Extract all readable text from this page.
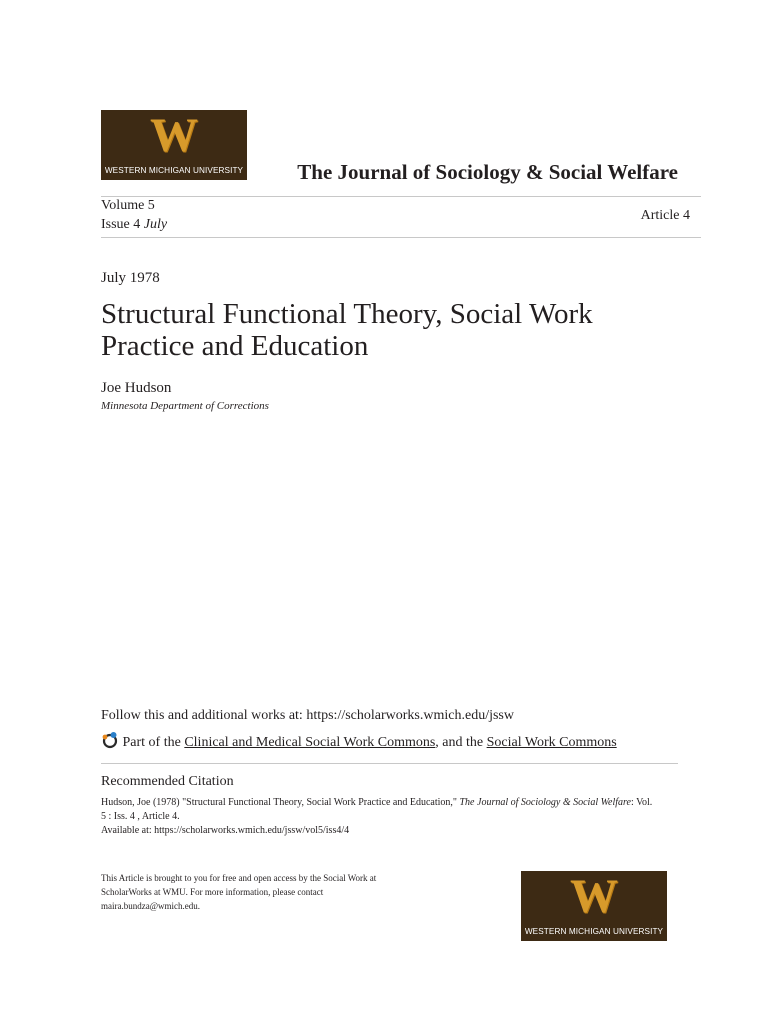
W
WESTERN MICHIGAN UNIVERSITY	The Journal of Sociology & Social Welfare
Volume 5
Issue 4 July
Article 4
July 1978
Structural Functional Theory, Social Work Practice and Education
Joe Hudson
Minnesota Department of Corrections
Follow this and additional works at: https://scholarworks.wmich.edu/jssw
Part of the Clinical and Medical Social Work Commons, and the Social Work Commons
Recommended Citation
Hudson, Joe (1978) "Structural Functional Theory, Social Work Practice and Education," The Journal of Sociology & Social Welfare: Vol.
5 : Iss. 4 , Article 4.
Available at: https://scholarworks.wmich.edu/jssw/vol5/iss4/4
This Article is brought to you for free and open access by the Social Work at
ScholarWorks at WMU. For more information, please contact
maira.bundza@wmich.edu.	W
WESTERN MICHIGAN UNIVERSITY
